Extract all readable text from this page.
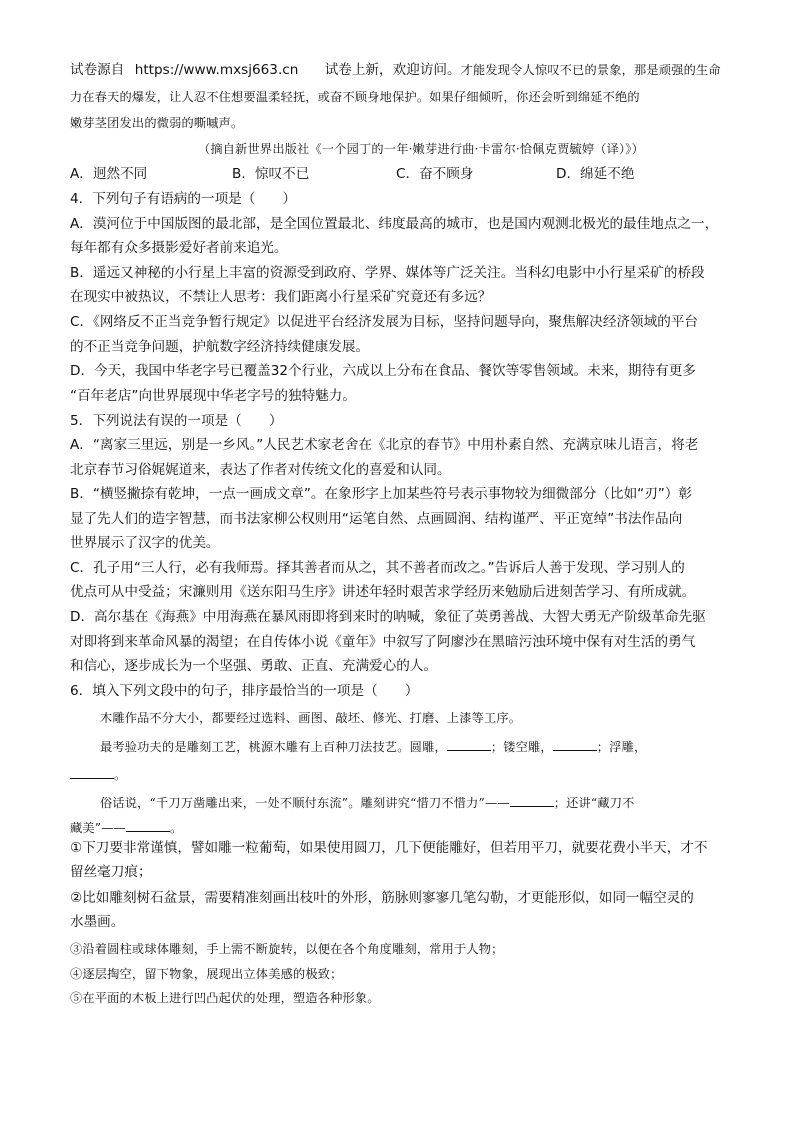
试卷源自 https://www.mxsj663.cn 试卷上新，欢迎访问。才能发现令人惊叹不已的景象，那是顽强的生命
力在春天的爆发，让人忍不住想要温柔轻抚，或奋不顾身地保护。如果仔细倾听，你还会听到绵延不绝的
嫩芽茎团发出的微弱的嘶嘁声。
（摘自新世界出版社《一个园丁的一年·嫩芽进行曲·卡雷尔·恰佩克贾毓婷（译）》）
A．迥然不同	B．惊叹不已	C．奋不顾身	D．绵延不绝
4．下列句子有语病的一项是（　　）
A．漠河位于中国版图的最北部，是全国位置最北、纬度最高的城市，也是国内观测北极光的最佳地点之一，
每年都有众多摄影爱好者前来追光。
B．遥远又神秘的小行星上丰富的资源受到政府、学界、媒体等广泛关注。当科幻电影中小行星采矿的桥段
在现实中被热议，不禁让人思考：我们距离小行星采矿究竟还有多远？
C．《网络反不正当竞争暂行规定》以促进平台经济发展为目标，坚持问题导向，聚焦解决经济领域的平台
的不正当竞争问题，护航数字经济持续健康发展。
D．今天，我国中华老字号已覆盖32个行业，六成以上分布在食品、餐饮等零售领域。未来，期待有更多
“百年老店”向世界展现中华老字号的独特魅力。
5．下列说法有误的一项是（　　）
A．“离家三里远，别是一乡风。”人民艺术家老舍在《北京的春节》中用朴素自然、充满京味儿语言，将老
北京春节习俗娓娓道来，表达了作者对传统文化的喜爱和认同。
B．“横竖撇捺有乾坤，一点一画成文章”。在象形字上加某些符号表示事物较为细微部分（比如“刃”）彰
显了先人们的造字智慧，而书法家柳公权则用“运笔自然、点画圆润、结构谨严、平正宽绰”书法作品向
世界展示了汉字的优美。
C．孔子用“三人行，必有我师焉。择其善者而从之，其不善者而改之。”告诉后人善于发现、学习别人的
优点可从中受益；宋濂则用《送东阳马生序》讲述年轻时艰苦求学经历来勉励后进刻苦学习、有所成就。
D．高尔基在《海燕》中用海燕在暴风雨即将到来时的呐喊，象征了英勇善战、大智大勇无产阶级革命先驱
对即将到来革命风暴的渴望；在自传体小说《童年》中叙写了阿廖沙在黑暗污浊环境中保有对生活的勇气
和信心，逐步成长为一个坚强、勇敢、正直、充满爱心的人。
6．填入下列文段中的句子，排序最恰当的一项是（　　）
木雕作品不分大小，都要经过选料、画图、敲坯、修光、打磨、上漆等工序。
最考验功夫的是雕刻工艺，桃源木雕有上百种刀法技艺。圆雕，	；镂空雕，	；浮雕，
。
俗话说，“千刀万凿雕出来，一处不顺付东流”。雕刻讲究“惜刀不惜力”——	；还讲“藏刀不
藏美”——	。
①下刀要非常谨慎，譬如雕一粒葡萄，如果使用圆刀，几下便能雕好，但若用平刀，就要花费小半天，才不
留丝毫刀痕；
②比如雕刻树石盆景，需要精准刻画出枝叶的外形，筋脉则寥寥几笔勾勒，才更能形似，如同一幅空灵的
水墨画。
③沿着圆柱或球体雕刻，手上需不断旋转，以便在各个角度雕刻，常用于人物；
④逐层掏空，留下物象，展现出立体美感的极致；
⑤在平面的木板上进行凹凸起伏的处理，塑造各种形象。
